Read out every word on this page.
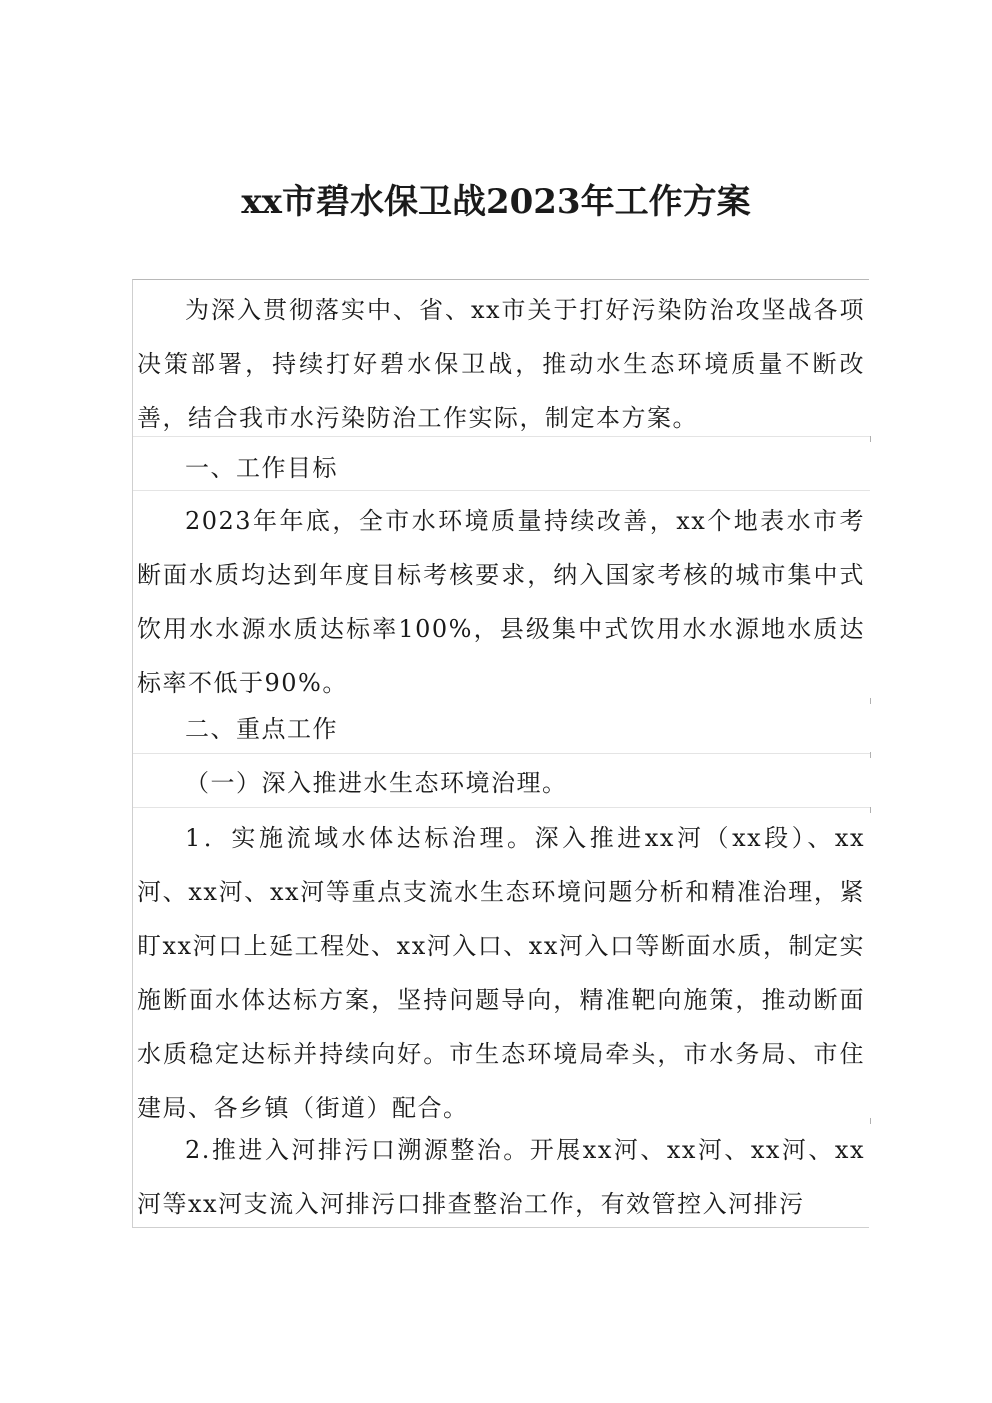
xx市碧水保卫战2023年工作方案

为深入贯彻落实中、省、xx市关于打好污染防治攻坚战各项决策部署，持续打好碧水保卫战，推动水生态环境质量不断改善，结合我市水污染防治工作实际，制定本方案。

一、工作目标

2023年年底，全市水环境质量持续改善，xx个地表水市考断面水质均达到年度目标考核要求，纳入国家考核的城市集中式饮用水水源水质达标率100%，县级集中式饮用水水源地水质达标率不低于90%。

二、重点工作

（一）深入推进水生态环境治理。

1．实施流域水体达标治理。深入推进xx河（xx段）、xx河、xx河、xx河等重点支流水生态环境问题分析和精准治理，紧盯xx河口上延工程处、xx河入口、xx河入口等断面水质，制定实施断面水体达标方案，坚持问题导向，精准靶向施策，推动断面水质稳定达标并持续向好。市生态环境局牵头，市水务局、市住建局、各乡镇（街道）配合。

2.推进入河排污口溯源整治。开展xx河、xx河、xx河、xx河等xx河支流入河排污口排查整治工作，有效管控入河排污
